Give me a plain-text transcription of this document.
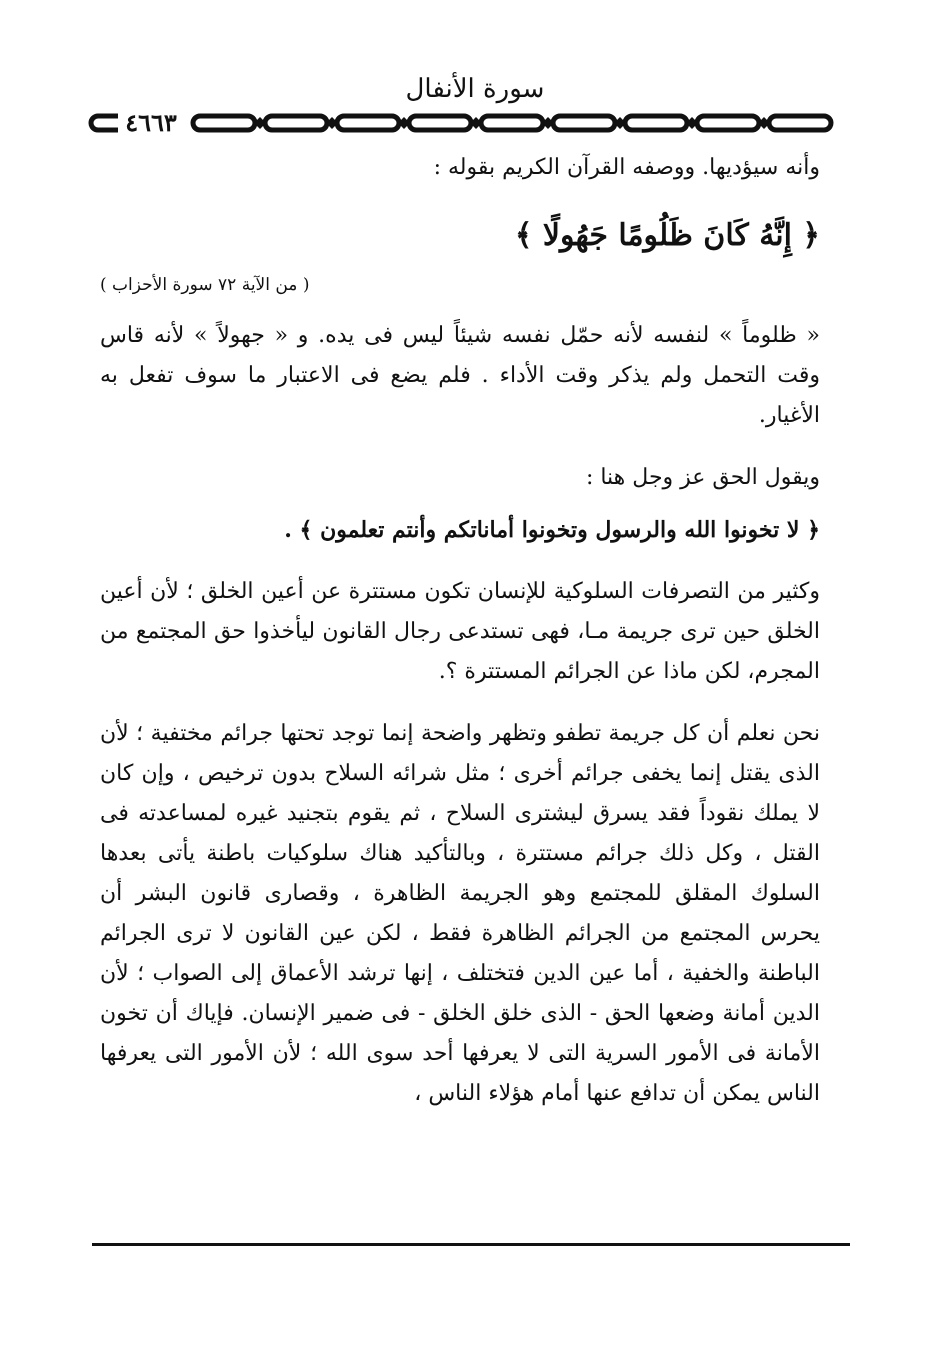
سورة الأنفال
٤٦٦٣

وأنه سيؤديها. ووصفه القرآن الكريم بقوله :

﴿ إِنَّهُ كَانَ ظَلُومًا جَهُولًا ﴾

( من الآية ٧٢ سورة الأحزاب )

« ظلوماً » لنفسه لأنه حمّل نفسه شيئاً ليس فى يده. و « جهولاً » لأنه قاس وقت التحمل ولم يذكر وقت الأداء . فلم يضع فى الاعتبار ما سوف تفعل به الأغيار.

ويقول الحق عز وجل هنا :

﴿ لا تخونوا الله والرسول وتخونوا أماناتكم وأنتم تعلمون ﴾ .

وكثير من التصرفات السلوكية للإنسان تكون مستترة عن أعين الخلق ؛ لأن أعين الخلق حين ترى جريمة مـا، فهى تستدعى رجال القانون ليأخذوا حق المجتمع من المجرم، لكن ماذا عن الجرائم المستترة ؟.

نحن نعلم أن كل جريمة تطفو وتظهر واضحة إنما توجد تحتها جرائم مختفية ؛ لأن الذى يقتل إنما يخفى جرائم أخرى ؛ مثل شرائه السلاح بدون ترخيص ، وإن كان لا يملك نقوداً فقد يسرق ليشترى السلاح ، ثم يقوم بتجنيد غيره لمساعدته فى القتل ، وكل ذلك جرائم مستترة ، وبالتأكيد هناك سلوكيات باطنة يأتى بعدها السلوك المقلق للمجتمع وهو الجريمة الظاهرة ، وقصارى قانون البشر أن يحرس المجتمع من الجرائم الظاهرة فقط ، لكن عين القانون لا ترى الجرائم الباطنة والخفية ، أما عين الدين فتختلف ، إنها ترشد الأعماق إلى الصواب ؛ لأن الدين أمانة وضعها الحق - الذى خلق الخلق - فى ضمير الإنسان. فإياك أن تخون الأمانة فى الأمور السرية التى لا يعرفها أحد سوى الله ؛ لأن الأمور التى يعرفها الناس يمكن أن تدافع عنها أمام هؤلاء الناس ،
